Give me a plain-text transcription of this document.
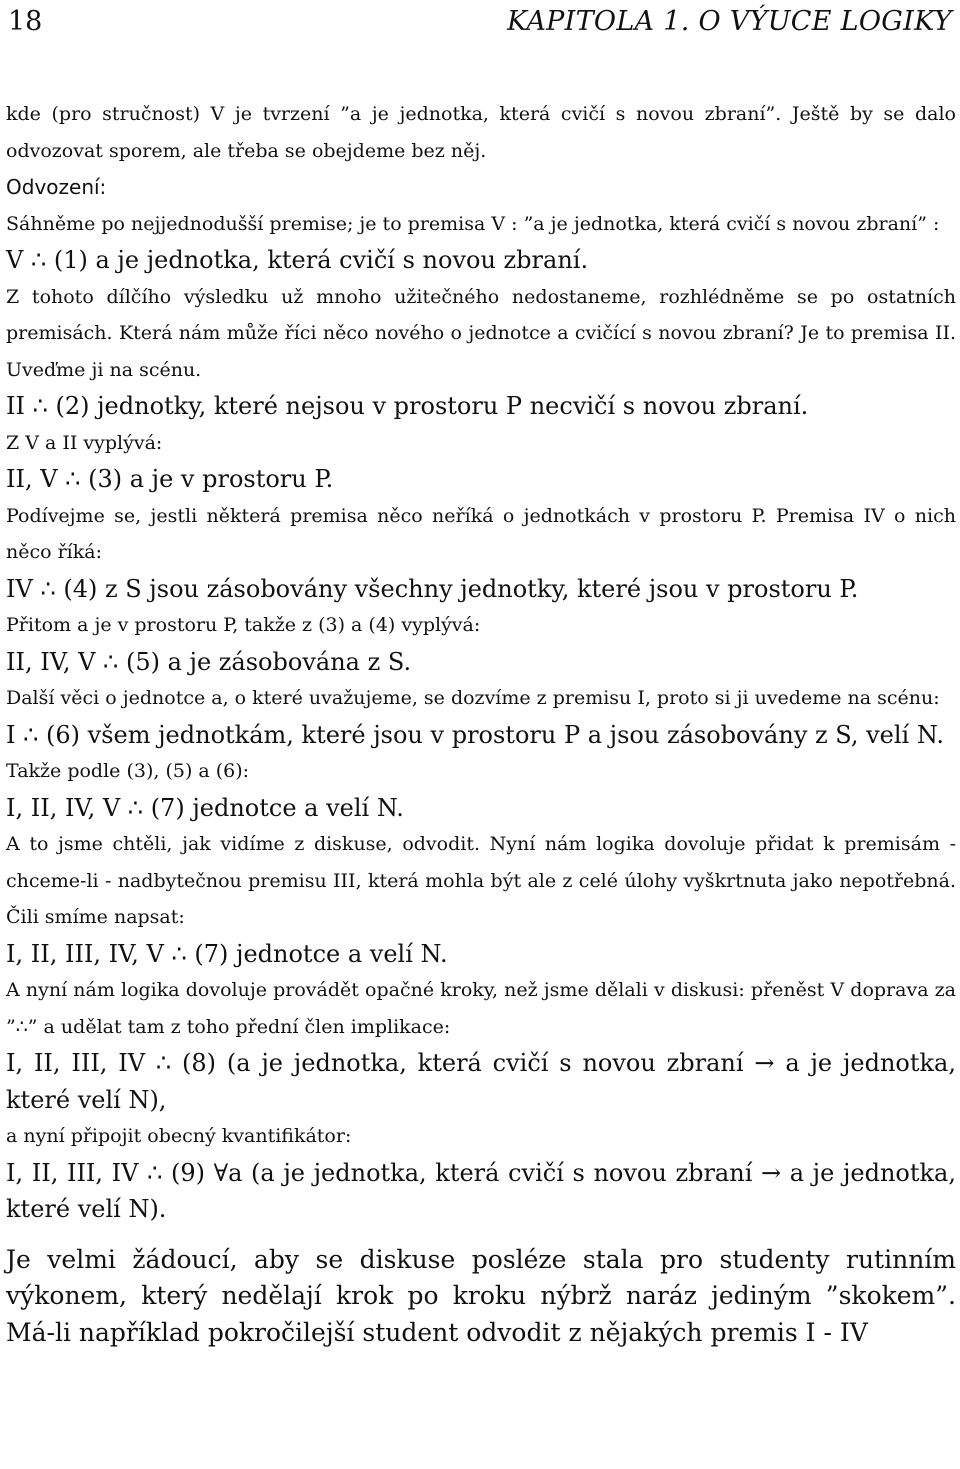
18	KAPITOLA 1. O VÝUCE LOGIKY

kde (pro stručnost) V je tvrzení ”a je jednotka, která cvičí s novou zbraní”. Ještě by se dalo odvozovat sporem, ale třeba se obejdeme bez něj.

Odvození:

Sáhněme po nejjednodušší premise; je to premisa V : ”a je jednotka, která cvičí s novou zbraní” :

V ∴ (1) a je jednotka, která cvičí s novou zbraní.

Z tohoto dílčího výsledku už mnoho užitečného nedostaneme, rozhlédněme se po ostatních premisách. Která nám může říci něco nového o jednotce a cvičící s novou zbraní? Je to premisa II. Uveďme ji na scénu.

II ∴ (2) jednotky, které nejsou v prostoru P necvičí s novou zbraní.

Z V a II vyplývá:

II, V ∴ (3) a je v prostoru P.

Podívejme se, jestli některá premisa něco neříká o jednotkách v prostoru P. Premisa IV o nich něco říká:

IV ∴ (4) z S jsou zásobovány všechny jednotky, které jsou v prostoru P.

Přitom a je v prostoru P, takže z (3) a (4) vyplývá:

II, IV, V ∴ (5) a je zásobována z S.

Další věci o jednotce a, o které uvažujeme, se dozvíme z premisu I, proto si ji uvedeme na scénu:

I ∴ (6) všem jednotkám, které jsou v prostoru P a jsou zásobovány z S, velí N.

Takže podle (3), (5) a (6):

I, II, IV, V ∴ (7) jednotce a velí N.

A to jsme chtěli, jak vidíme z diskuse, odvodit. Nyní nám logika dovoluje přidat k premisám - chceme-li - nadbytečnou premisu III, která mohla být ale z celé úlohy vyškrtnuta jako nepotřebná. Čili smíme napsat:

I, II, III, IV, V ∴ (7) jednotce a velí N.

A nyní nám logika dovoluje provádět opačné kroky, než jsme dělali v diskusi: přeněst V doprava za ”∴” a udělat tam z toho přední člen implikace:

I, II, III, IV ∴ (8) (a je jednotka, která cvičí s novou zbraní → a je jednotka, které velí N),

a nyní připojit obecný kvantifikátor:

I, II, III, IV ∴ (9) ∀a (a je jednotka, která cvičí s novou zbraní → a je jednotka, které velí N).

Je velmi žádoucí, aby se diskuse posléze stala pro studenty rutinním výkonem, který nedělají krok po kroku nýbrž naráz jediným ”skokem”. Má-li například pokročilejší student odvodit z nějakých premis I - IV
